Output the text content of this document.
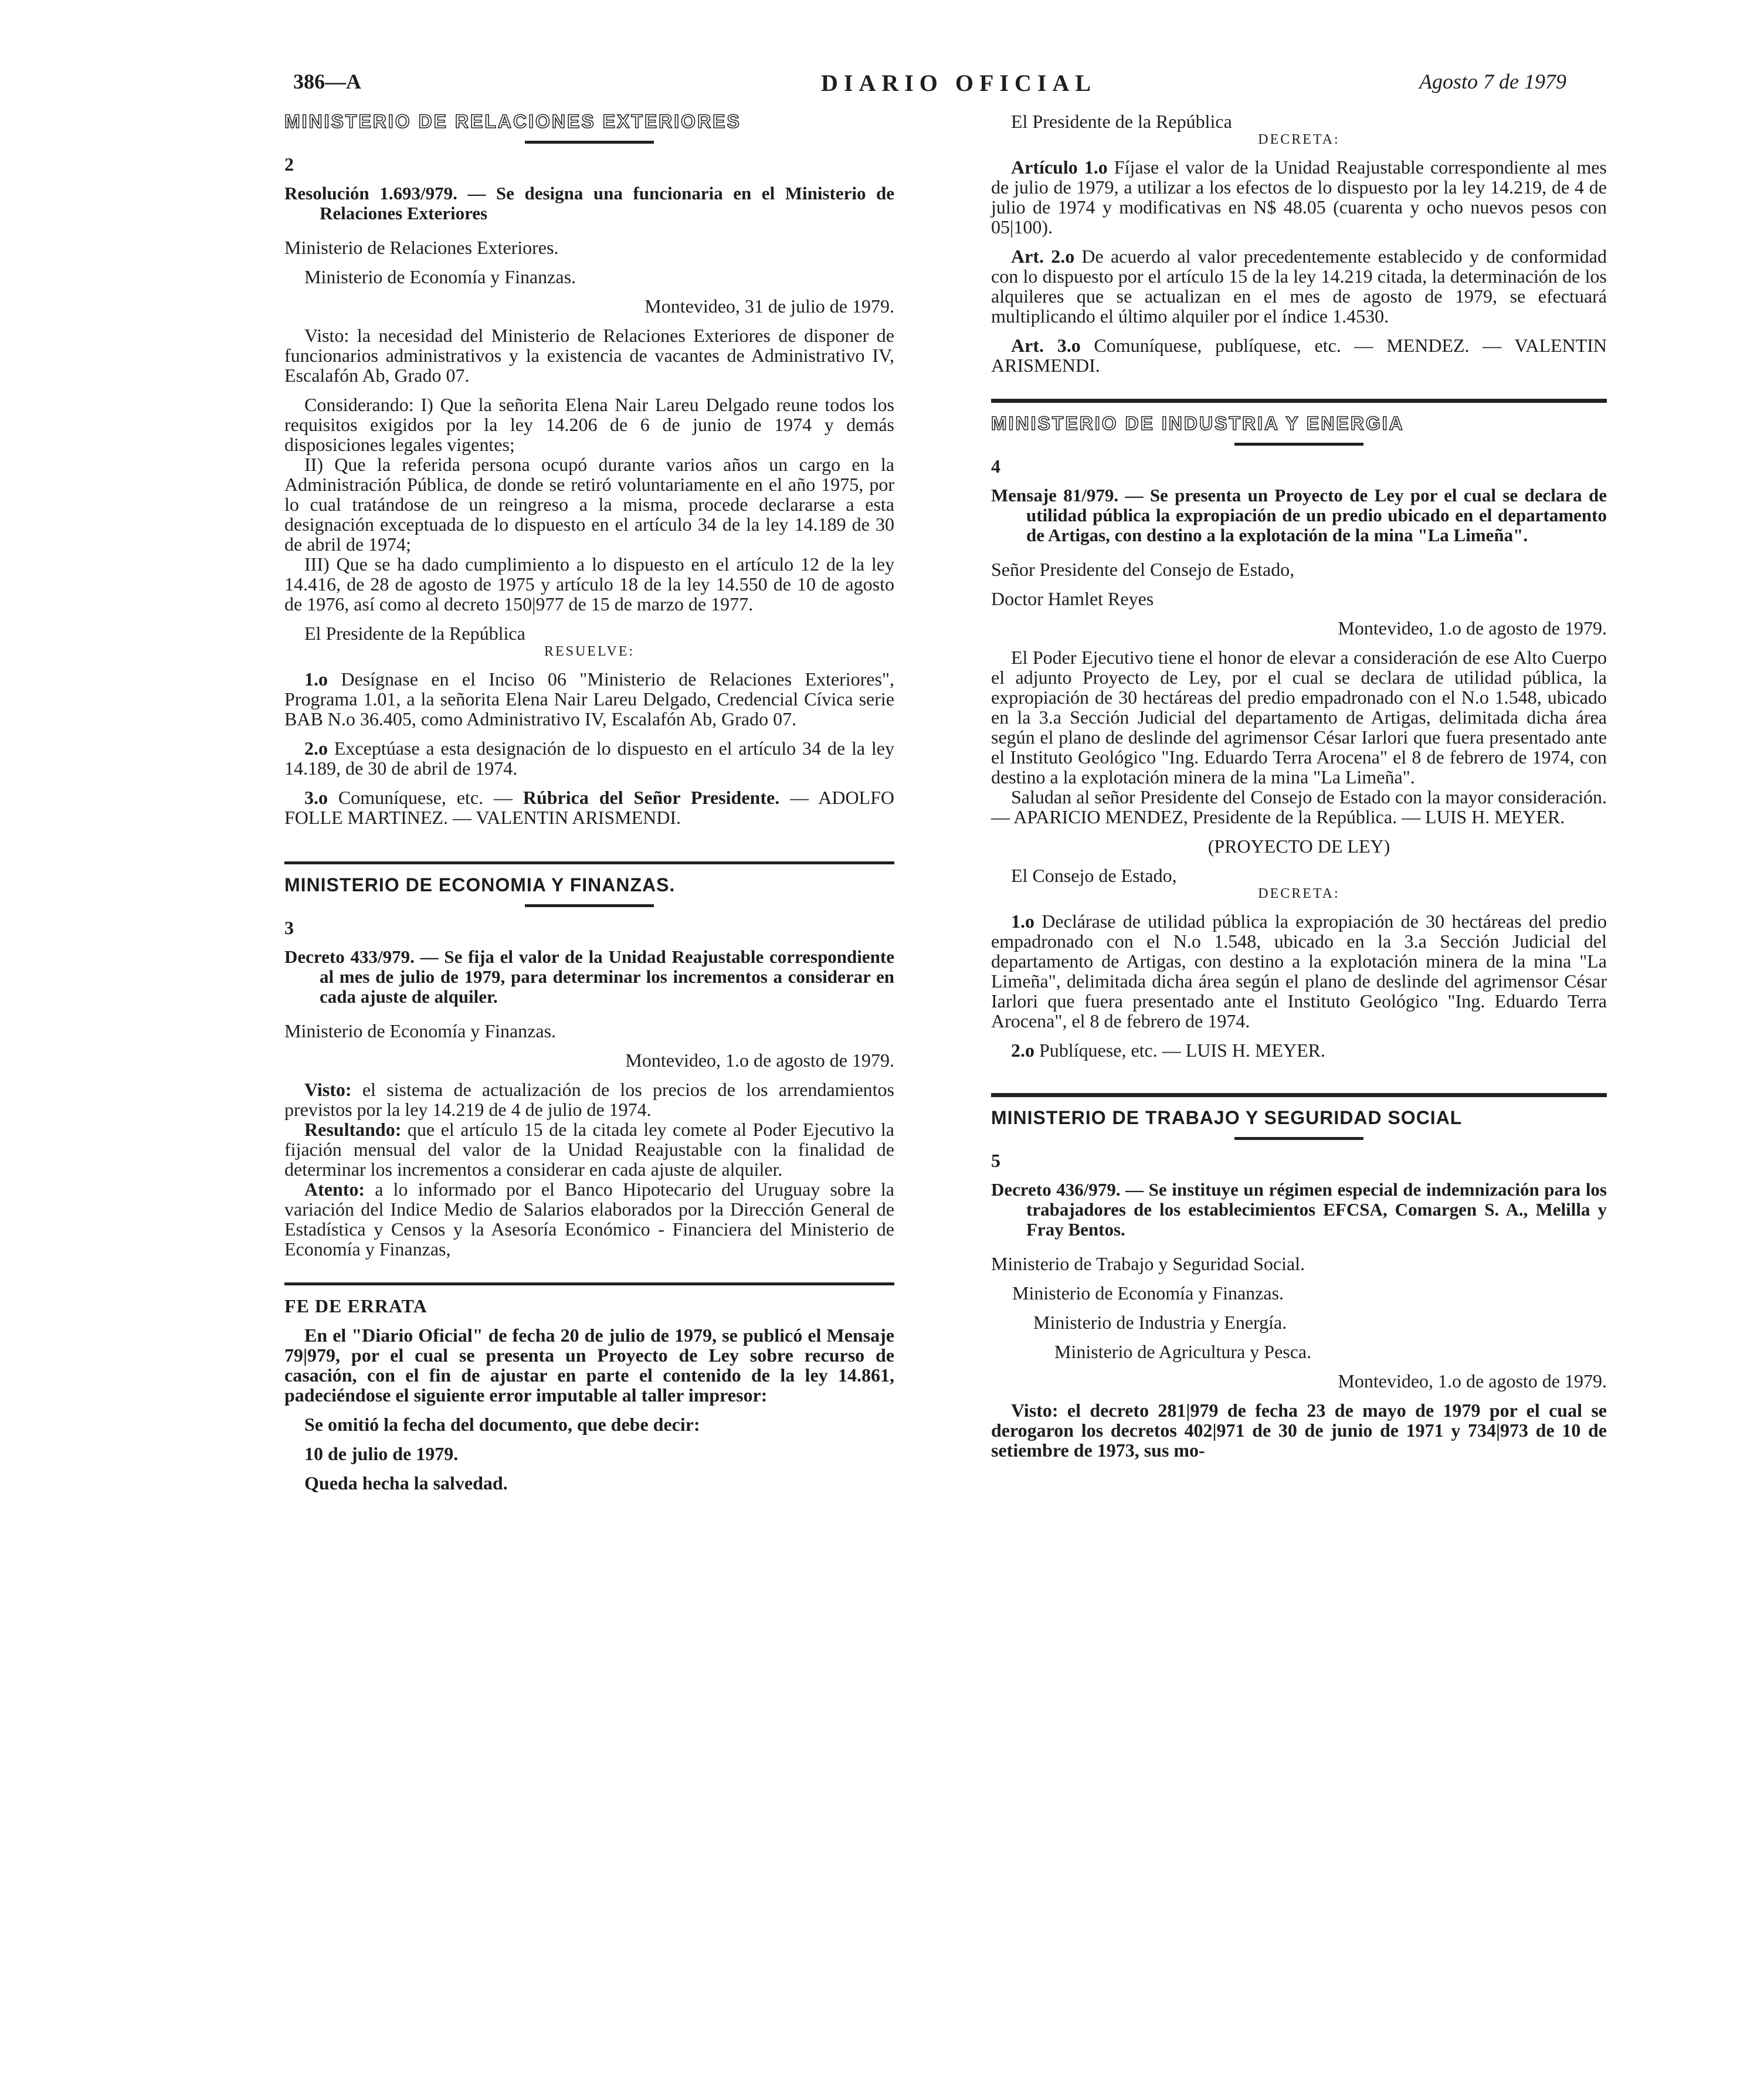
386—A	DIARIO OFICIAL	Agosto 7 de 1979

MINISTERIO DE RELACIONES EXTERIORES

2

Resolución 1.693/979. — Se designa una funcionaria en el Ministerio de Relaciones Exteriores

Ministerio de Relaciones Exteriores.

Ministerio de Economía y Finanzas.

Montevideo, 31 de julio de 1979.

Visto: la necesidad del Ministerio de Relaciones Exteriores de disponer de funcionarios administrativos y la existencia de vacantes de Administrativo IV, Escalafón Ab, Grado 07.

Considerando: I) Que la señorita Elena Nair Lareu Delgado reune todos los requisitos exigidos por la ley 14.206 de 6 de junio de 1974 y demás disposiciones legales vigentes;

II) Que la referida persona ocupó durante varios años un cargo en la Administración Pública, de donde se retiró voluntariamente en el año 1975, por lo cual tratándose de un reingreso a la misma, procede declararse a esta designación exceptuada de lo dispuesto en el artículo 34 de la ley 14.189 de 30 de abril de 1974;

III) Que se ha dado cumplimiento a lo dispuesto en el artículo 12 de la ley 14.416, de 28 de agosto de 1975 y artículo 18 de la ley 14.550 de 10 de agosto de 1976, así como al decreto 150|977 de 15 de marzo de 1977.

El Presidente de la República

RESUELVE:

1.o Desígnase en el Inciso 06 "Ministerio de Relaciones Exteriores", Programa 1.01, a la señorita Elena Nair Lareu Delgado, Credencial Cívica serie BAB N.o 36.405, como Administrativo IV, Escalafón Ab, Grado 07.

2.o Exceptúase a esta designación de lo dispuesto en el artículo 34 de la ley 14.189, de 30 de abril de 1974.

3.o Comuníquese, etc. — Rúbrica del Señor Presidente. — ADOLFO FOLLE MARTINEZ. — VALENTIN ARISMENDI.

MINISTERIO DE ECONOMIA Y FINANZAS.

3

Decreto 433/979. — Se fija el valor de la Unidad Reajustable correspondiente al mes de julio de 1979, para determinar los incrementos a considerar en cada ajuste de alquiler.

Ministerio de Economía y Finanzas.

Montevideo, 1.o de agosto de 1979.

Visto: el sistema de actualización de los precios de los arrendamientos previstos por la ley 14.219 de 4 de julio de 1974.

Resultando: que el artículo 15 de la citada ley comete al Poder Ejecutivo la fijación mensual del valor de la Unidad Reajustable con la finalidad de determinar los incrementos a considerar en cada ajuste de alquiler.

Atento: a lo informado por el Banco Hipotecario del Uruguay sobre la variación del Indice Medio de Salarios elaborados por la Dirección General de Estadística y Censos y la Asesoría Económico - Financiera del Ministerio de Economía y Finanzas,

FE DE ERRATA

En el "Diario Oficial" de fecha 20 de julio de 1979, se publicó el Mensaje 79|979, por el cual se presenta un Proyecto de Ley sobre recurso de casación, con el fin de ajustar en parte el contenido de la ley 14.861, padeciéndose el siguiente error imputable al taller impresor:

Se omitió la fecha del documento, que debe decir:

10 de julio de 1979.

Queda hecha la salvedad.

El Presidente de la República

DECRETA:

Artículo 1.o Fíjase el valor de la Unidad Reajustable correspondiente al mes de julio de 1979, a utilizar a los efectos de lo dispuesto por la ley 14.219, de 4 de julio de 1974 y modificativas en N$ 48.05 (cuarenta y ocho nuevos pesos con 05|100).

Art. 2.o De acuerdo al valor precedentemente establecido y de conformidad con lo dispuesto por el artículo 15 de la ley 14.219 citada, la determinación de los alquileres que se actualizan en el mes de agosto de 1979, se efectuará multiplicando el último alquiler por el índice 1.4530.

Art. 3.o Comuníquese, publíquese, etc. — MENDEZ. — VALENTIN ARISMENDI.

MINISTERIO DE INDUSTRIA Y ENERGIA

4

Mensaje 81/979. — Se presenta un Proyecto de Ley por el cual se declara de utilidad pública la expropiación de un predio ubicado en el departamento de Artigas, con destino a la explotación de la mina "La Limeña".

Señor Presidente del Consejo de Estado,

Doctor Hamlet Reyes

Montevideo, 1.o de agosto de 1979.

El Poder Ejecutivo tiene el honor de elevar a consideración de ese Alto Cuerpo el adjunto Proyecto de Ley, por el cual se declara de utilidad pública, la expropiación de 30 hectáreas del predio empadronado con el N.o 1.548, ubicado en la 3.a Sección Judicial del departamento de Artigas, delimitada dicha área según el plano de deslinde del agrimensor César Iarlori que fuera presentado ante el Instituto Geológico "Ing. Eduardo Terra Arocena" el 8 de febrero de 1974, con destino a la explotación minera de la mina "La Limeña".

Saludan al señor Presidente del Consejo de Estado con la mayor consideración. — APARICIO MENDEZ, Presidente de la República. — LUIS H. MEYER.

(PROYECTO DE LEY)

El Consejo de Estado,

DECRETA:

1.o Declárase de utilidad pública la expropiación de 30 hectáreas del predio empadronado con el N.o 1.548, ubicado en la 3.a Sección Judicial del departamento de Artigas, con destino a la explotación minera de la mina "La Limeña", delimitada dicha área según el plano de deslinde del agrimensor César Iarlori que fuera presentado ante el Instituto Geológico "Ing. Eduardo Terra Arocena", el 8 de febrero de 1974.

2.o Publíquese, etc. — LUIS H. MEYER.

MINISTERIO DE TRABAJO Y SEGURIDAD SOCIAL

5

Decreto 436/979. — Se instituye un régimen especial de indemnización para los trabajadores de los establecimientos EFCSA, Comargen S. A., Melilla y Fray Bentos.

Ministerio de Trabajo y Seguridad Social.

Ministerio de Economía y Finanzas.

Ministerio de Industria y Energía.

Ministerio de Agricultura y Pesca.

Montevideo, 1.o de agosto de 1979.

Visto: el decreto 281|979 de fecha 23 de mayo de 1979 por el cual se derogaron los decretos 402|971 de 30 de junio de 1971 y 734|973 de 10 de setiembre de 1973, sus mo-
